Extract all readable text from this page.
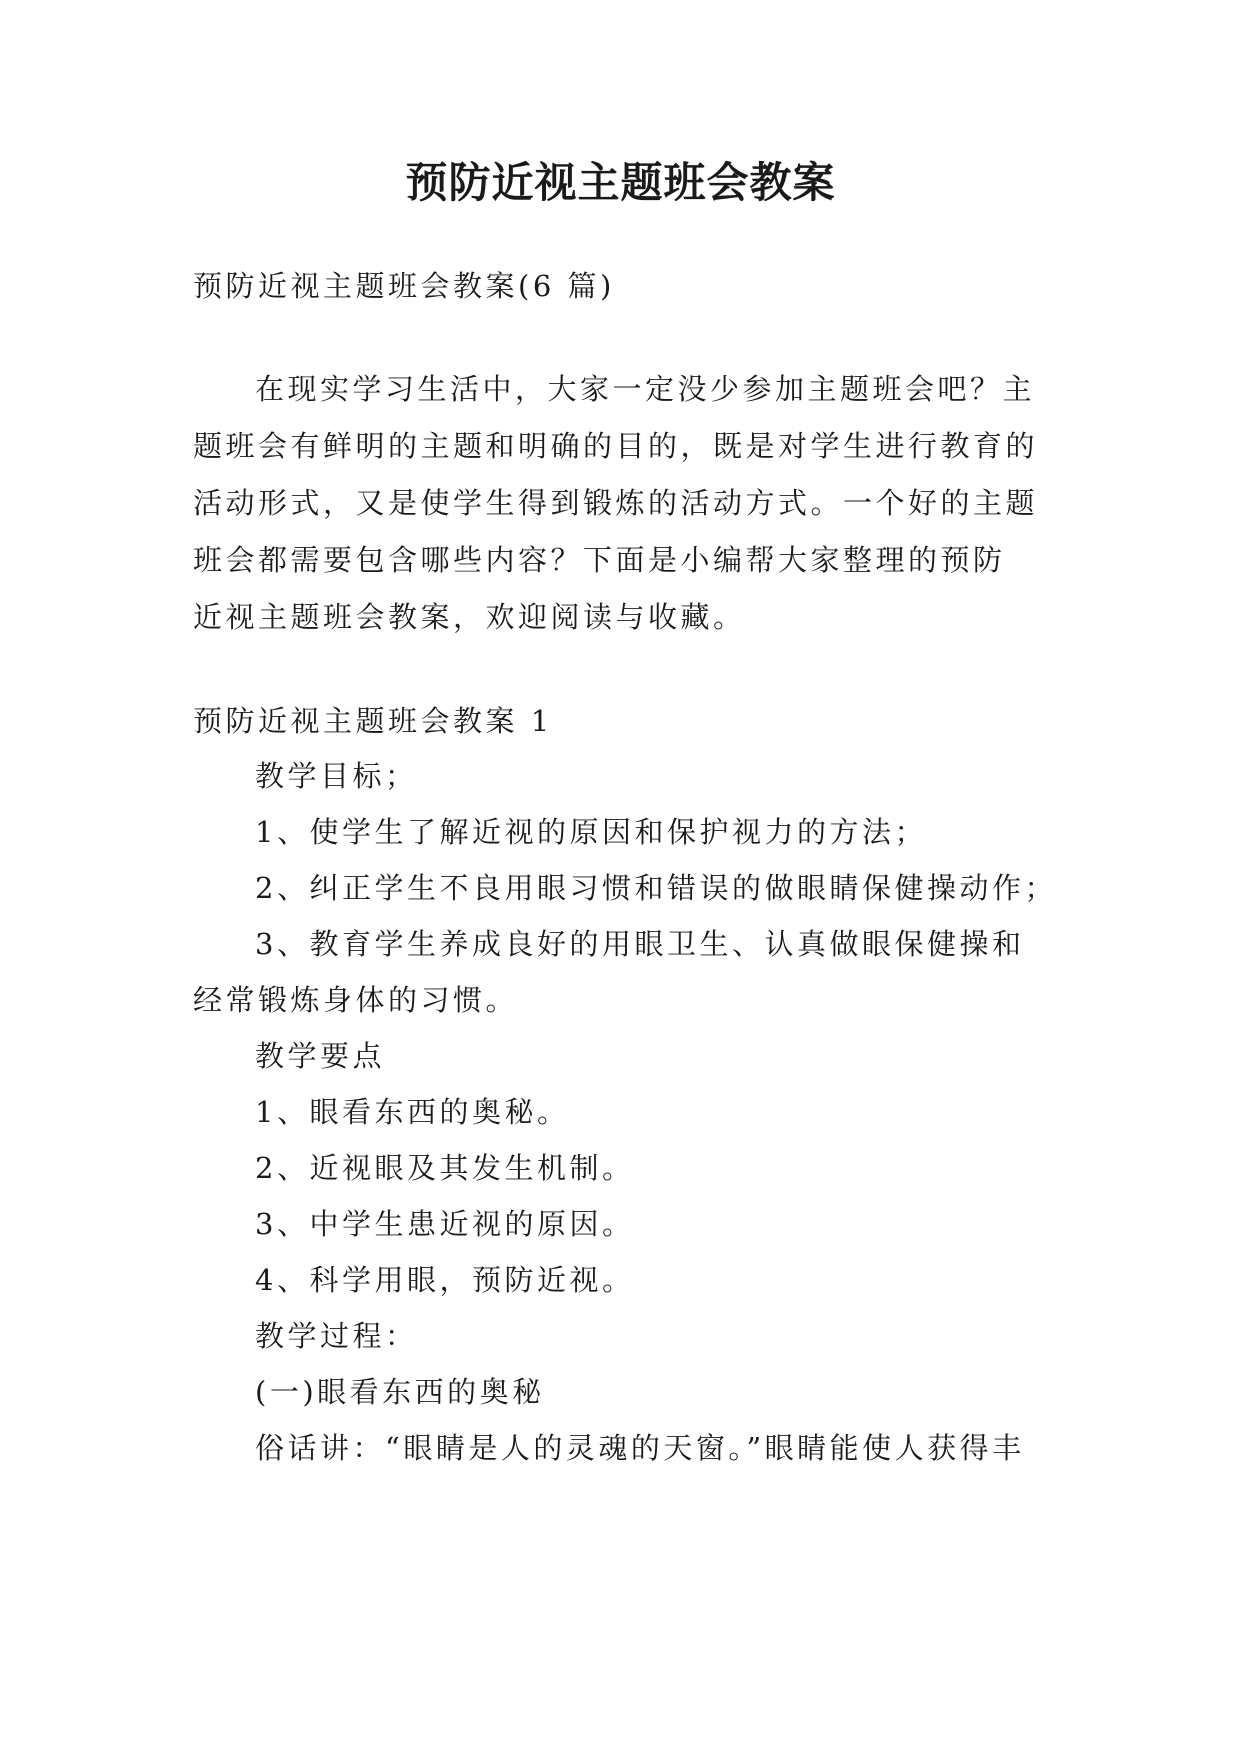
预防近视主题班会教案
预防近视主题班会教案(6 篇)
在现实学习生活中，大家一定没少参加主题班会吧？主
题班会有鲜明的主题和明确的目的，既是对学生进行教育的
活动形式，又是使学生得到锻炼的活动方式。一个好的主题
班会都需要包含哪些内容？下面是小编帮大家整理的预防
近视主题班会教案，欢迎阅读与收藏。
预防近视主题班会教案 1
教学目标；
1、使学生了解近视的原因和保护视力的方法；
2、纠正学生不良用眼习惯和错误的做眼睛保健操动作；
3、教育学生养成良好的用眼卫生、认真做眼保健操和
经常锻炼身体的习惯。
教学要点
1、眼看东西的奥秘。
2、近视眼及其发生机制。
3、中学生患近视的原因。
4、科学用眼，预防近视。
教学过程：
(一)眼看东西的奥秘
俗话讲：“眼睛是人的灵魂的天窗。”眼睛能使人获得丰
